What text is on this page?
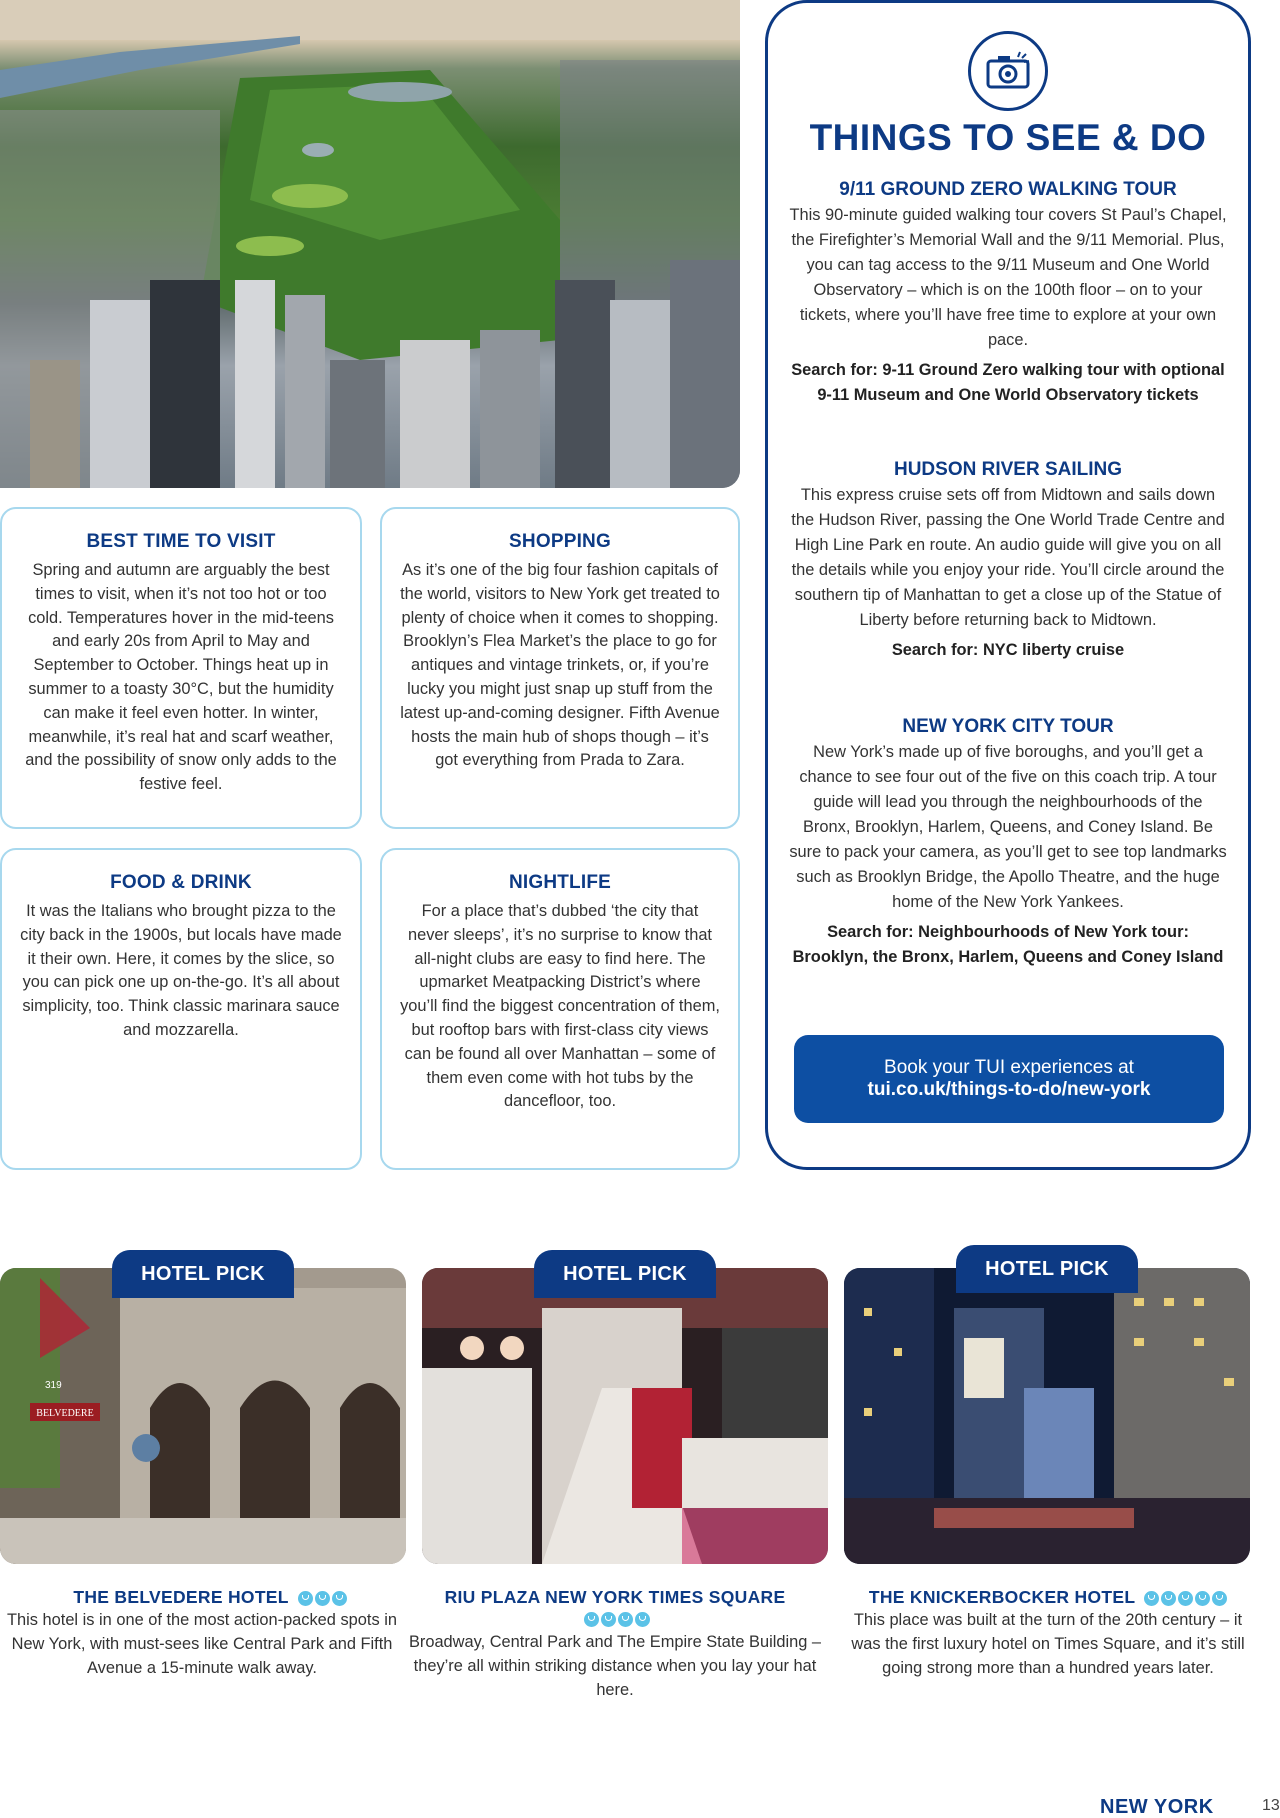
BEST TIME TO VISIT

Spring and autumn are arguably the best times to visit, when it’s not too hot or too cold. Temperatures hover in the mid-teens and early 20s from April to May and September to October. Things heat up in summer to a toasty 30°C, but the humidity can make it feel even hotter. In winter, meanwhile, it’s real hat and scarf weather, and the possibility of snow only adds to the festive feel.

SHOPPING

As it’s one of the big four fashion capitals of the world, visitors to New York get treated to plenty of choice when it comes to shopping. Brooklyn’s Flea Market’s the place to go for antiques and vintage trinkets, or, if you’re lucky you might just snap up stuff from the latest up-and-coming designer. Fifth Avenue hosts the main hub of shops though – it’s got everything from Prada to Zara.

FOOD & DRINK

It was the Italians who brought pizza to the city back in the 1900s, but locals have made it their own. Here, it comes by the slice, so you can pick one up on-the-go. It’s all about simplicity, too. Think classic marinara sauce and mozzarella.

NIGHTLIFE

For a place that’s dubbed ‘the city that never sleeps’, it’s no surprise to know that all-night clubs are easy to find here. The upmarket Meatpacking District’s where you’ll find the biggest concentration of them, but rooftop bars with first-class city views can be found all over Manhattan – some of them even come with hot tubs by the dancefloor, too.

THINGS TO SEE & DO
9/11 GROUND ZERO WALKING TOUR

This 90-minute guided walking tour covers St Paul’s Chapel, the Firefighter’s Memorial Wall and the 9/11 Memorial. Plus, you can tag access to the 9/11 Museum and One World Observatory – which is on the 100th floor – on to your tickets, where you’ll have free time to explore at your own pace.

Search for: 9-11 Ground Zero walking tour with optional 9-11 Museum and One World Observatory tickets

HUDSON RIVER SAILING

This express cruise sets off from Midtown and sails down the Hudson River, passing the One World Trade Centre and High Line Park en route. An audio guide will give you on all the details while you enjoy your ride. You’ll circle around the southern tip of Manhattan to get a close up of the Statue of Liberty before returning back to Midtown.

Search for: NYC liberty cruise

NEW YORK CITY TOUR

New York’s made up of five boroughs, and you’ll get a chance to see four out of the five on this coach trip. A tour guide will lead you through the neighbourhoods of the Bronx, Brooklyn, Harlem, Queens, and Coney Island. Be sure to pack your camera, as you’ll get to see top landmarks such as Brooklyn Bridge, the Apollo Theatre, and the huge home of the New York Yankees.

Search for: Neighbourhoods of New York tour: Brooklyn, the Bronx, Harlem, Queens and Coney Island

Book your TUI experiences at
tui.co.uk/things-to-do/new-york
BELVEDERE
319
HOTEL PICK
THE BELVEDERE HOTEL
This hotel is in one of the most action-packed spots in New York, with must-sees like Central Park and Fifth Avenue a 15-minute walk away.
HOTEL PICK
RIU PLAZA NEW YORK TIMES SQUARE

Broadway, Central Park and The Empire State Building – they’re all within striking distance when you lay your hat here.
HOTEL PICK
THE KNICKERBOCKER HOTEL
This place was built at the turn of the 20th century – it was the first luxury hotel on Times Square, and it’s still going strong more than a hundred years later.
NEW YORK	13
